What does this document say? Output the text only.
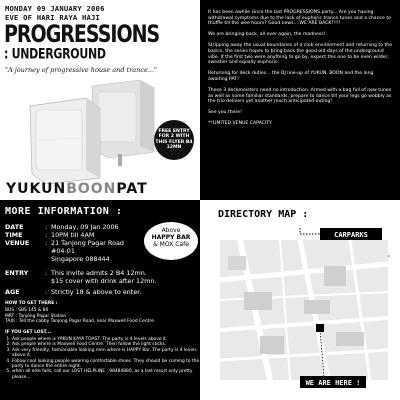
MONDAY 09 JANUARY 2006
EVE OF HARI RAYA HAJI
PROGRESSIONS
: UNDERGROUND
"A journey of progressive house and trance..."
FREE ENTRY FOR 2 WITH THIS FLYER B4 12MN
YUKUNBOONPAT

It has been awhile since the last PROGRESSIONS party... Are you having withdrawal symptoms due to the lack of euphoric trance tunes and a chance to thuffle till the wee hours? Good news....WE ARE BACK!!!!!

We are bringing back, all over again, the madness!

Stripping away the usual boundaries of a club environment and returning to the basics, the series hopes to bring back the good old days of the underground vibe. If the first two were anything to go by, expect this one to be even wilder, sweatier and equally euphoric.

Returning for deck duties... the DJ line-up of YUKUN, BOON and the long awaiting PAT!

These 3 deckmeisters need no introduction. Armed with a bag full of new tunes as well as some familiar standards, prepare to dance till your legs go wobbly as the trio delivers yet another much anticipated outing!

See you there!

**LIMITED VENUE CAPACITY

MORE INFORMATION :
DATE	: Monday, 09 Jan 2006
TIME	: 10PM till 4AM
VENUE	: 21 Tanjong Pagar Road
#04-01
Singapore 088444
ENTRY	: This invite admits 2 B4 12mn.
$15 cover with drink after 12mn.
AGE	: Strictly 18 & above to enter.
Above
HAPPY BAR
& MOX Cafe
HOW TO GET THERE :
BUS : SBS 145 & 80
MRT : Tanjong Pagar Station
TAXI : Tell the cabby Tanjong Pagar Road, near Maxwell Food Centre.
IF YOU GET LOST...
1. Ask people where is YAKUN KAYA TOAST. The party is 4 levels above it.
2. Ask people where is Maxwell Food Centre. Then follow the light sticks.
3. Ask very friendly, fashionable looking men where is HAPPY Bar. The party is 4 levels above it.
4. Follow cool looking people wearing comfortable shoes. They should be coming to the party to dance the entire night.
5. when all else fails, call our LOST HELPLINE : 98484880, as a last resort only pretty please...
DIRECTORY MAP :
CARPARKS
WE ARE HERE !
